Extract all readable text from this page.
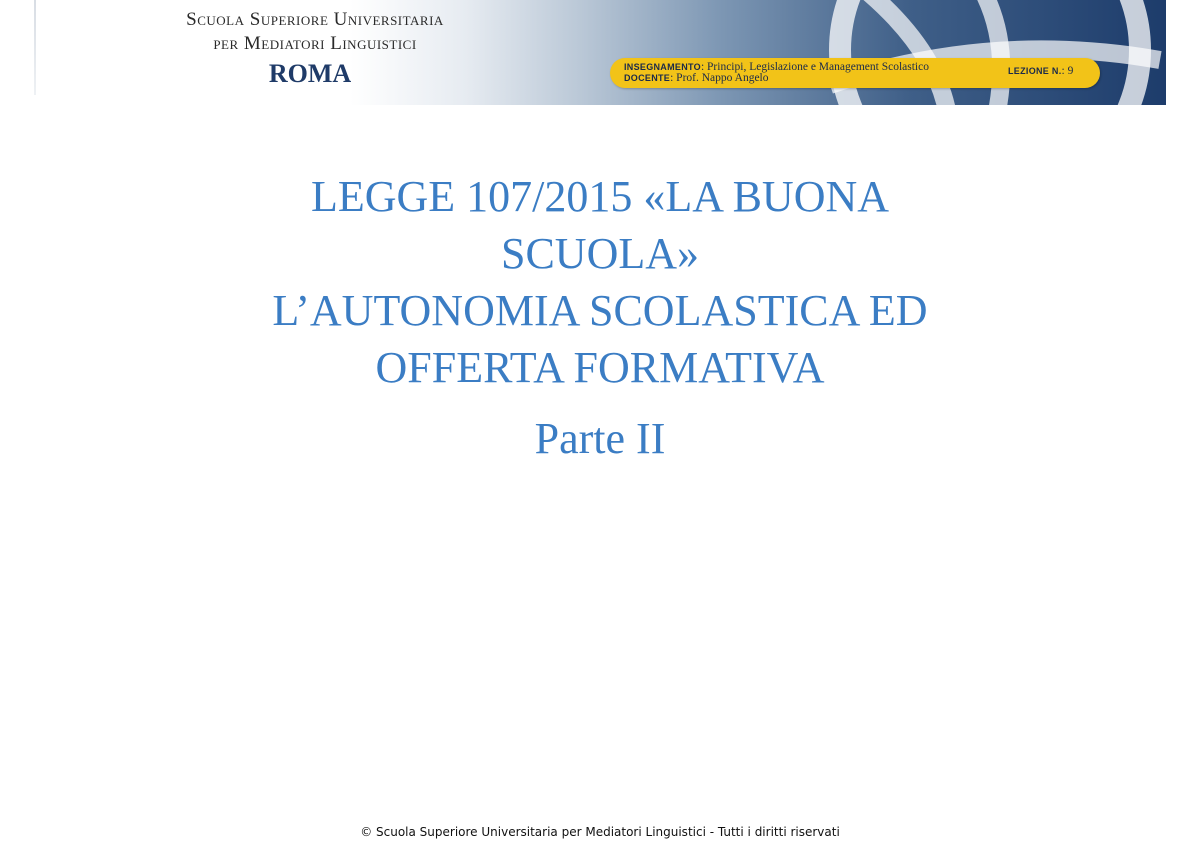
Scuola Superiore Universitaria
per Mediatori Linguistici
ROMA	INSEGNAMENTO: Principi, Legislazione e Management Scolastico
DOCENTE: Prof. Nappo Angelo
LEZIONE N.: 9
LEGGE 107/2015 «LA BUONA
SCUOLA»
L’AUTONOMIA SCOLASTICA ED
OFFERTA FORMATIVA
Parte II
© Scuola Superiore Universitaria per Mediatori Linguistici - Tutti i diritti riservati
